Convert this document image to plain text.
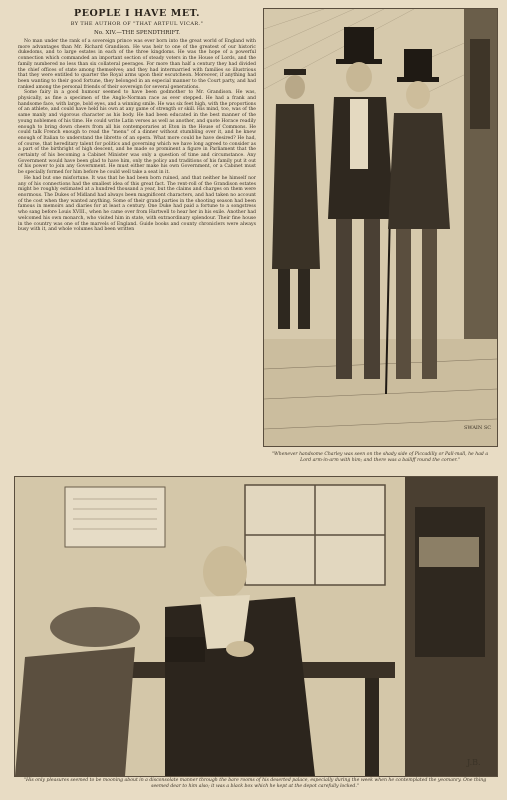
PEOPLE I HAVE MET.

BY THE AUTHOR OF "THAT ARTFUL VICAR."

No. XIV.—THE SPENDTHRIFT.

No man under the rank of a sovereign prince was ever born into the great world of England with more advantages than Mr. Richard Grandison. He was heir to one of the greatest of our historic dukedoms, and to large estates in each of the three kingdoms. He was the hope of a powerful connection which commanded an important section of steady voters in the House of Lords, and the family numbered no less than six collateral peerages. For more than half a century they had divided the chief offices of state among themselves; and they had intermarried with families so illustrious that they were entitled to quarter the Royal arms upon their escutcheon. Moreover, if anything had been wanting to their good fortune, they belonged in an especial manner to the Court party, and had ranked among the personal friends of their sovereign for several generations.

Some fairy in a good humour seemed to have been godmother to Mr. Grandison. He was, physically, as fine a specimen of the Anglo-Norman race as ever stepped. He had a frank and handsome face, with large, bold eyes, and a winning smile. He was six feet high, with the proportions of an athlete, and could have held his own at any game of strength or skill. His mind, too, was of the same manly and vigorous character as his body. He had been educated in the best manner of the young noblemen of his time. He could write Latin verses as well as another, and quote Horace readily enough to bring down cheers from all his contemporaries at Eton in the House of Commons. He could talk French enough to read the "menu" of a dinner without stumbling over it, and he knew enough of Italian to understand the libretto of an opera. What more could he have desired? He had, of course, that hereditary talent for politics and governing which we have long agreed to consider as a part of the birthright of high descent, and he made so prominent a figure in Parliament that the certainty of his becoming a Cabinet Minister was only a question of time and circumstance. Any Government would have been glad to have him, only the policy and traditions of his family put it out of his power to join any Government. He must either make his own Government, or a Cabinet must be specially formed for him before he could well take a seat in it.

He had but one misfortune. It was that he had been born ruined, and that neither he himself nor any of his connections had the smallest idea of this great fact. The rent-roll of the Grandison estates might be roughly estimated at a hundred thousand a year, but the claims and charges on them were enormous. The Dukes of Midland had always been magnificent characters, and had taken no account of the cost when they wanted anything. Some of their grand parties in the shooting season had been famous in memoirs and diaries for at least a century. One Duke had paid a fortune to a songstress who sang before Louis XVIII., when he came over from Hartwell to hear her in his exile. Another had welcomed his own monarch, who visited him in state, with extraordinary splendour. Their fine house in the country was one of the marvels of England. Guide books and county chroniclers were always busy with it, and whole volumes had been written

SWAIN SC
"Whenever handsome Charley was seen on the shady side of Piccadilly or Pall-mall, he had a Lord arm-in-arm with him; and there was a bailiff round the corner."
J.B.
"His only pleasures seemed to be mooning about in a disconsolate manner through the bare rooms of his deserted palace, especially during the week when he contemplated the yeomanry. One thing seemed dear to him also; it was a black box which he kept at the depot carefully locked."
